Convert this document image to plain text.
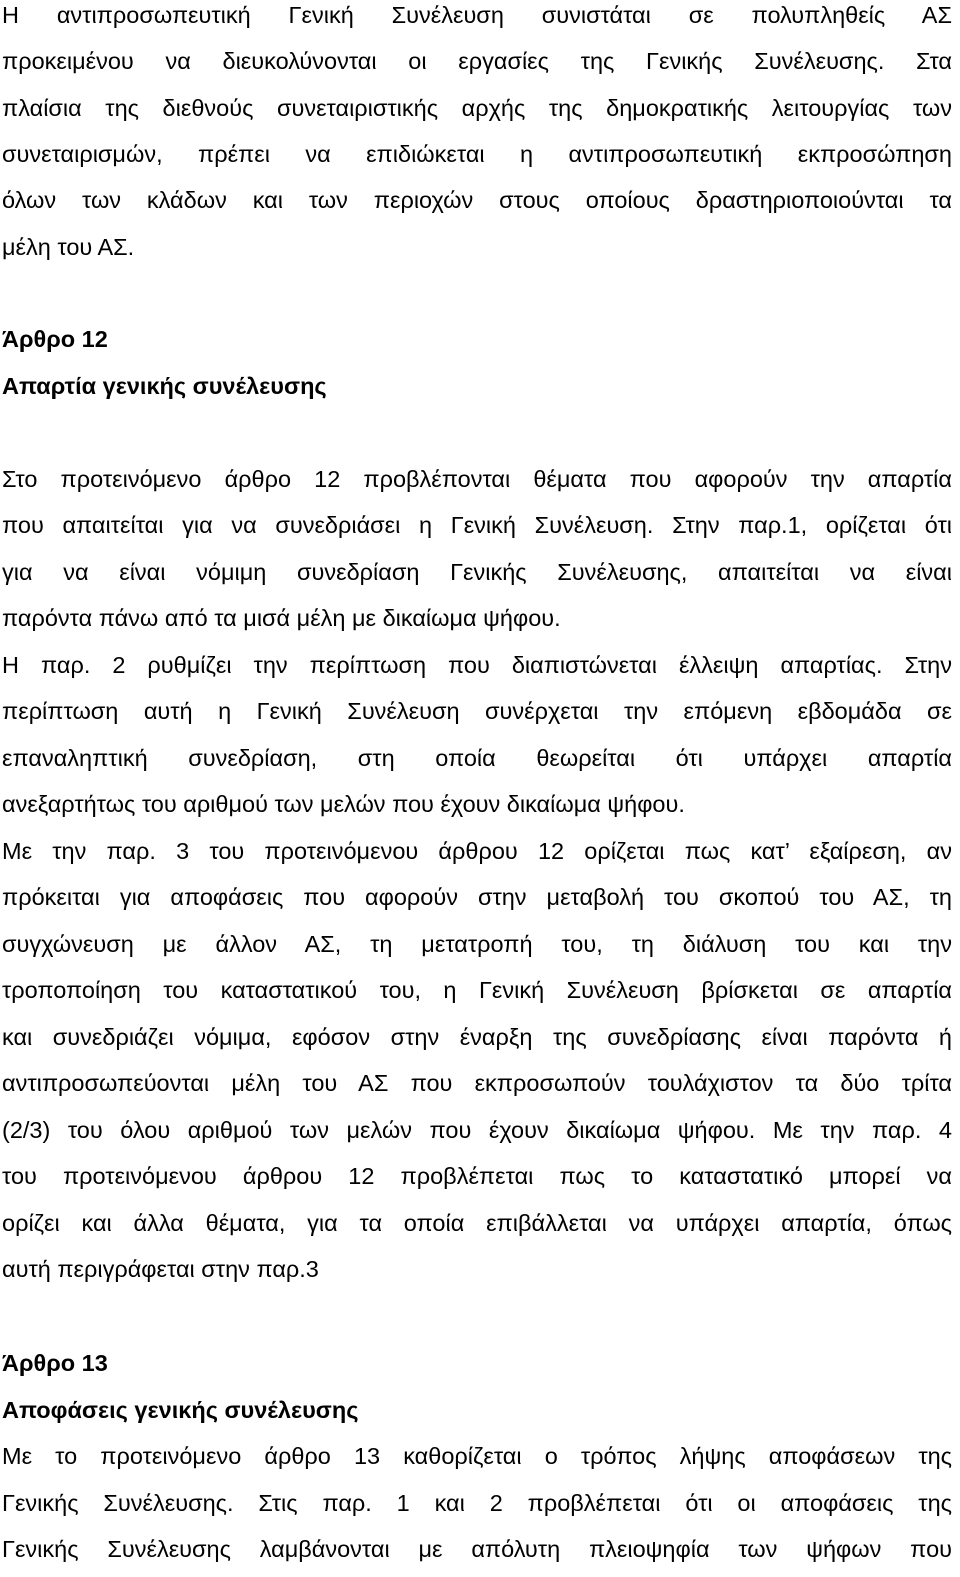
Η αντιπροσωπευτική Γενική Συνέλευση συνιστάται σε πολυπληθείς ΑΣ
προκειμένου να διευκολύνονται οι εργασίες της Γενικής Συνέλευσης. Στα
πλαίσια της διεθνούς συνεταιριστικής αρχής της δημοκρατικής λειτουργίας των
συνεταιρισμών, πρέπει να επιδιώκεται η αντιπροσωπευτική εκπροσώπηση
όλων των κλάδων και των περιοχών στους οποίους δραστηριοποιούνται τα
μέλη του ΑΣ.
Άρθρο 12
Απαρτία γενικής συνέλευσης
Στο προτεινόμενο άρθρο 12 προβλέπονται θέματα που αφορούν την απαρτία
που απαιτείται για να συνεδριάσει η Γενική Συνέλευση. Στην παρ.1, ορίζεται ότι
για να είναι νόμιμη συνεδρίαση Γενικής Συνέλευσης, απαιτείται να είναι
παρόντα πάνω από τα μισά μέλη με δικαίωμα ψήφου.
Η παρ. 2 ρυθμίζει την περίπτωση που διαπιστώνεται έλλειψη απαρτίας. Στην
περίπτωση αυτή η Γενική Συνέλευση συνέρχεται την επόμενη εβδομάδα σε
επαναληπτική συνεδρίαση, στη οποία θεωρείται ότι υπάρχει απαρτία
ανεξαρτήτως του αριθμού των μελών που έχουν δικαίωμα ψήφου.
Με την παρ. 3 του προτεινόμενου άρθρου 12 ορίζεται πως κατ’ εξαίρεση, αν
πρόκειται για αποφάσεις που αφορούν στην μεταβολή του σκοπού του ΑΣ, τη
συγχώνευση με άλλον ΑΣ, τη μετατροπή του, τη διάλυση του και την
τροποποίηση του καταστατικού του, η Γενική Συνέλευση βρίσκεται σε απαρτία
και συνεδριάζει νόμιμα, εφόσον στην έναρξη της συνεδρίασης είναι παρόντα ή
αντιπροσωπεύονται μέλη του ΑΣ που εκπροσωπούν τουλάχιστον τα δύο τρίτα
(2/3) του όλου αριθμού των μελών που έχουν δικαίωμα ψήφου. Με την παρ. 4
του προτεινόμενου άρθρου 12 προβλέπεται πως το καταστατικό μπορεί να
ορίζει και άλλα θέματα, για τα οποία επιβάλλεται να υπάρχει απαρτία, όπως
αυτή περιγράφεται στην παρ.3
Άρθρο 13
Αποφάσεις γενικής συνέλευσης
Με το προτεινόμενο άρθρο 13 καθορίζεται ο τρόπος λήψης αποφάσεων της
Γενικής Συνέλευσης. Στις παρ. 1 και 2 προβλέπεται ότι οι αποφάσεις της
Γενικής Συνέλευσης λαμβάνονται με απόλυτη πλειοψηφία των ψήφων που
